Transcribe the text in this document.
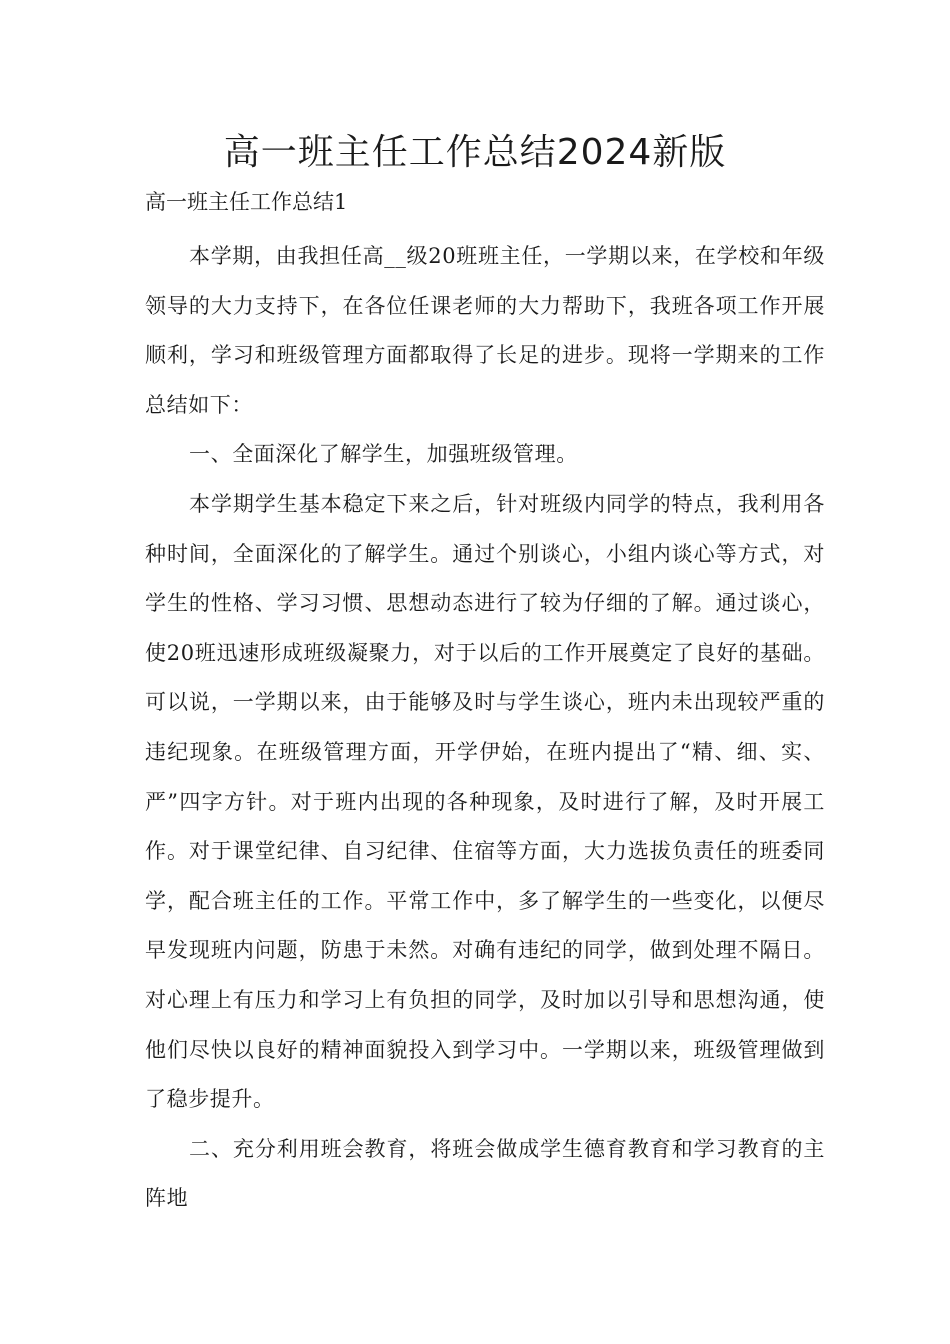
高一班主任工作总结2024新版

高一班主任工作总结1

本学期，由我担任高__级20班班主任，一学期以来，在学校和年级领导的大力支持下，在各位任课老师的大力帮助下，我班各项工作开展顺利，学习和班级管理方面都取得了长足的进步。现将一学期来的工作总结如下：

一、全面深化了解学生，加强班级管理。

本学期学生基本稳定下来之后，针对班级内同学的特点，我利用各种时间，全面深化的了解学生。通过个别谈心，小组内谈心等方式，对学生的性格、学习习惯、思想动态进行了较为仔细的了解。通过谈心，使20班迅速形成班级凝聚力，对于以后的工作开展奠定了良好的基础。可以说，一学期以来，由于能够及时与学生谈心，班内未出现较严重的违纪现象。在班级管理方面，开学伊始，在班内提出了“精、细、实、严”四字方针。对于班内出现的各种现象，及时进行了解，及时开展工作。对于课堂纪律、自习纪律、住宿等方面，大力选拔负责任的班委同学，配合班主任的工作。平常工作中，多了解学生的一些变化，以便尽早发现班内问题，防患于未然。对确有违纪的同学，做到处理不隔日。对心理上有压力和学习上有负担的同学，及时加以引导和思想沟通，使他们尽快以良好的精神面貌投入到学习中。一学期以来，班级管理做到了稳步提升。

二、充分利用班会教育，将班会做成学生德育教育和学习教育的主阵地
